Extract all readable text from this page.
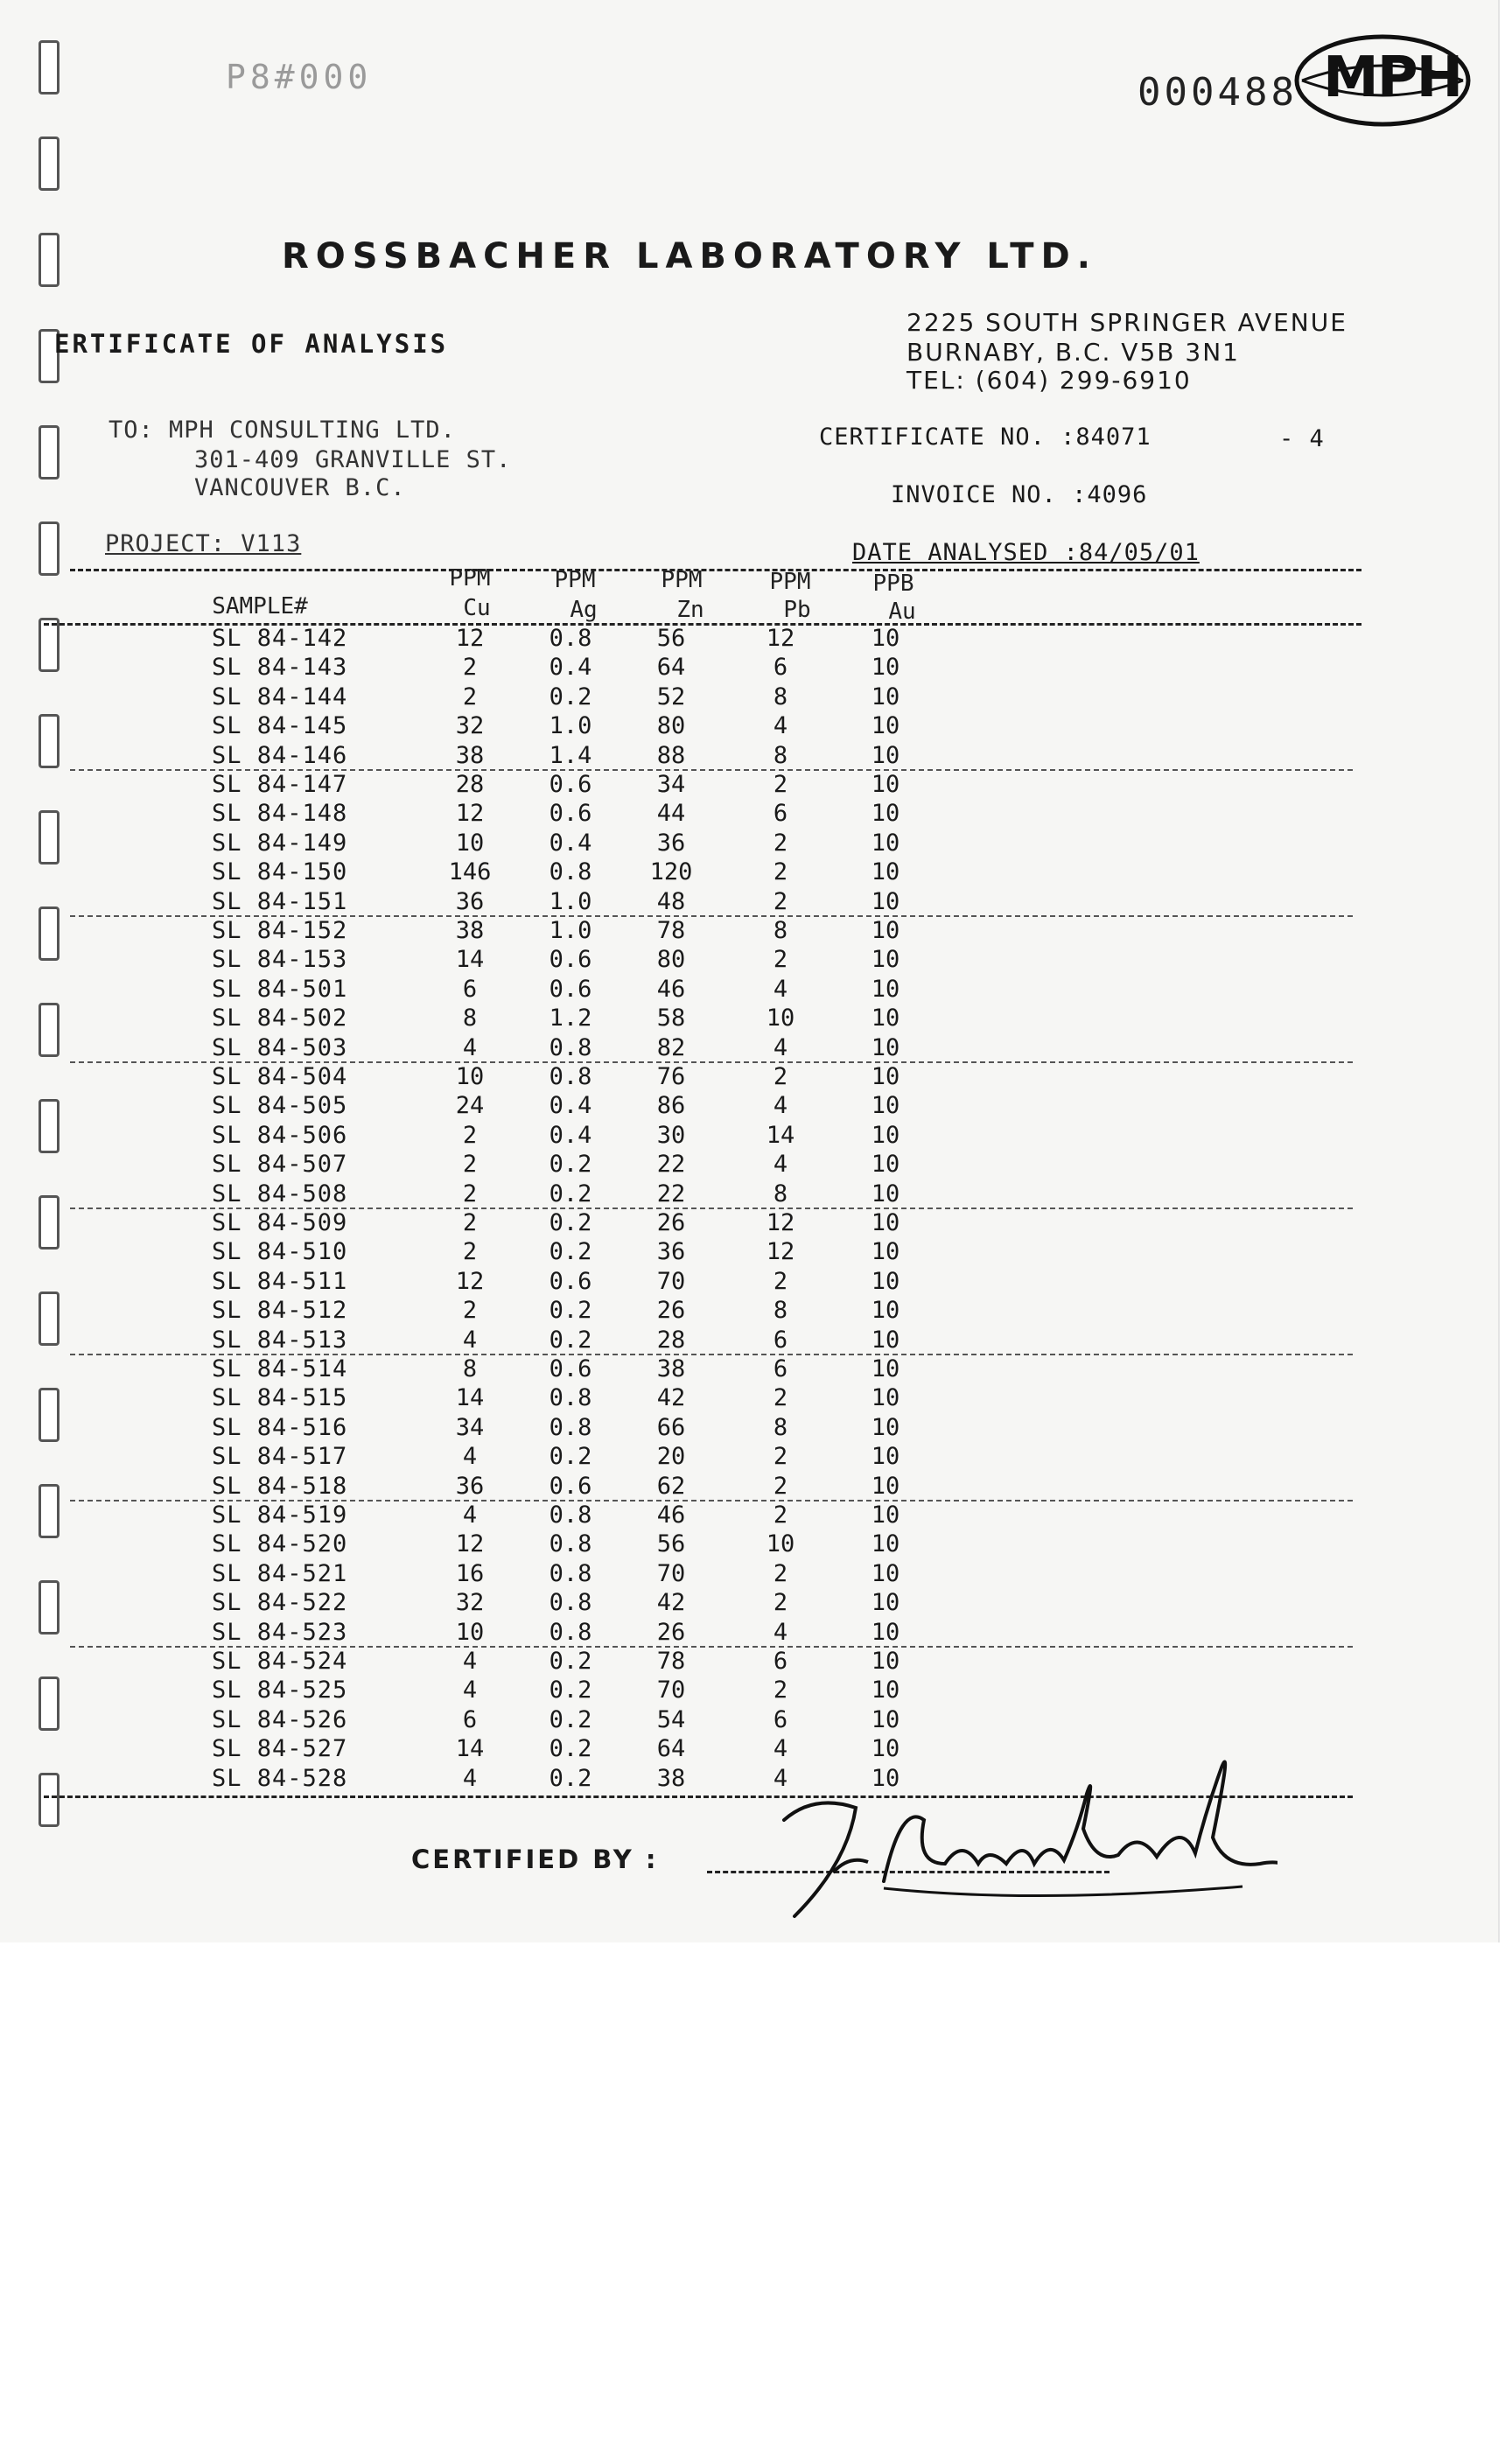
P8#000	000488 MPH
ROSSBACHER LABORATORY LTD.
ERTIFICATE OF ANALYSIS
2225 SOUTH SPRINGER AVENUE
BURNABY, B.C. V5B 3N1
TEL: (604) 299-6910
TO: MPH CONSULTING LTD.
301-409 GRANVILLE ST.
VANCOUVER B.C.
CERTIFICATE NO. :84071	- 4
INVOICE NO. :4096
PROJECT: V113	DATE ANALYSED :84/05/01
PPM	PPM	PPM	PPM	PPB
SAMPLE#	Cu	Ag	Zn	Pb	Au
SL 84-142	12	0.8	56	12	10
SL 84-143	2	0.4	64	6	10
SL 84-144	2	0.2	52	8	10
SL 84-145	32	1.0	80	4	10
SL 84-146	38	1.4	88	8	10
SL 84-147	28	0.6	34	2	10
SL 84-148	12	0.6	44	6	10
SL 84-149	10	0.4	36	2	10
SL 84-150	146	0.8	120	2	10
SL 84-151	36	1.0	48	2	10
SL 84-152	38	1.0	78	8	10
SL 84-153	14	0.6	80	2	10
SL 84-501	6	0.6	46	4	10
SL 84-502	8	1.2	58	10	10
SL 84-503	4	0.8	82	4	10
SL 84-504	10	0.8	76	2	10
SL 84-505	24	0.4	86	4	10
SL 84-506	2	0.4	30	14	10
SL 84-507	2	0.2	22	4	10
SL 84-508	2	0.2	22	8	10
SL 84-509	2	0.2	26	12	10
SL 84-510	2	0.2	36	12	10
SL 84-511	12	0.6	70	2	10
SL 84-512	2	0.2	26	8	10
SL 84-513	4	0.2	28	6	10
SL 84-514	8	0.6	38	6	10
SL 84-515	14	0.8	42	2	10
SL 84-516	34	0.8	66	8	10
SL 84-517	4	0.2	20	2	10
SL 84-518	36	0.6	62	2	10
SL 84-519	4	0.8	46	2	10
SL 84-520	12	0.8	56	10	10
SL 84-521	16	0.8	70	2	10
SL 84-522	32	0.8	42	2	10
SL 84-523	10	0.8	26	4	10
SL 84-524	4	0.2	78	6	10
SL 84-525	4	0.2	70	2	10
SL 84-526	6	0.2	54	6	10
SL 84-527	14	0.2	64	4	10
SL 84-528	4	0.2	38	4	10
CERTIFIED BY :
